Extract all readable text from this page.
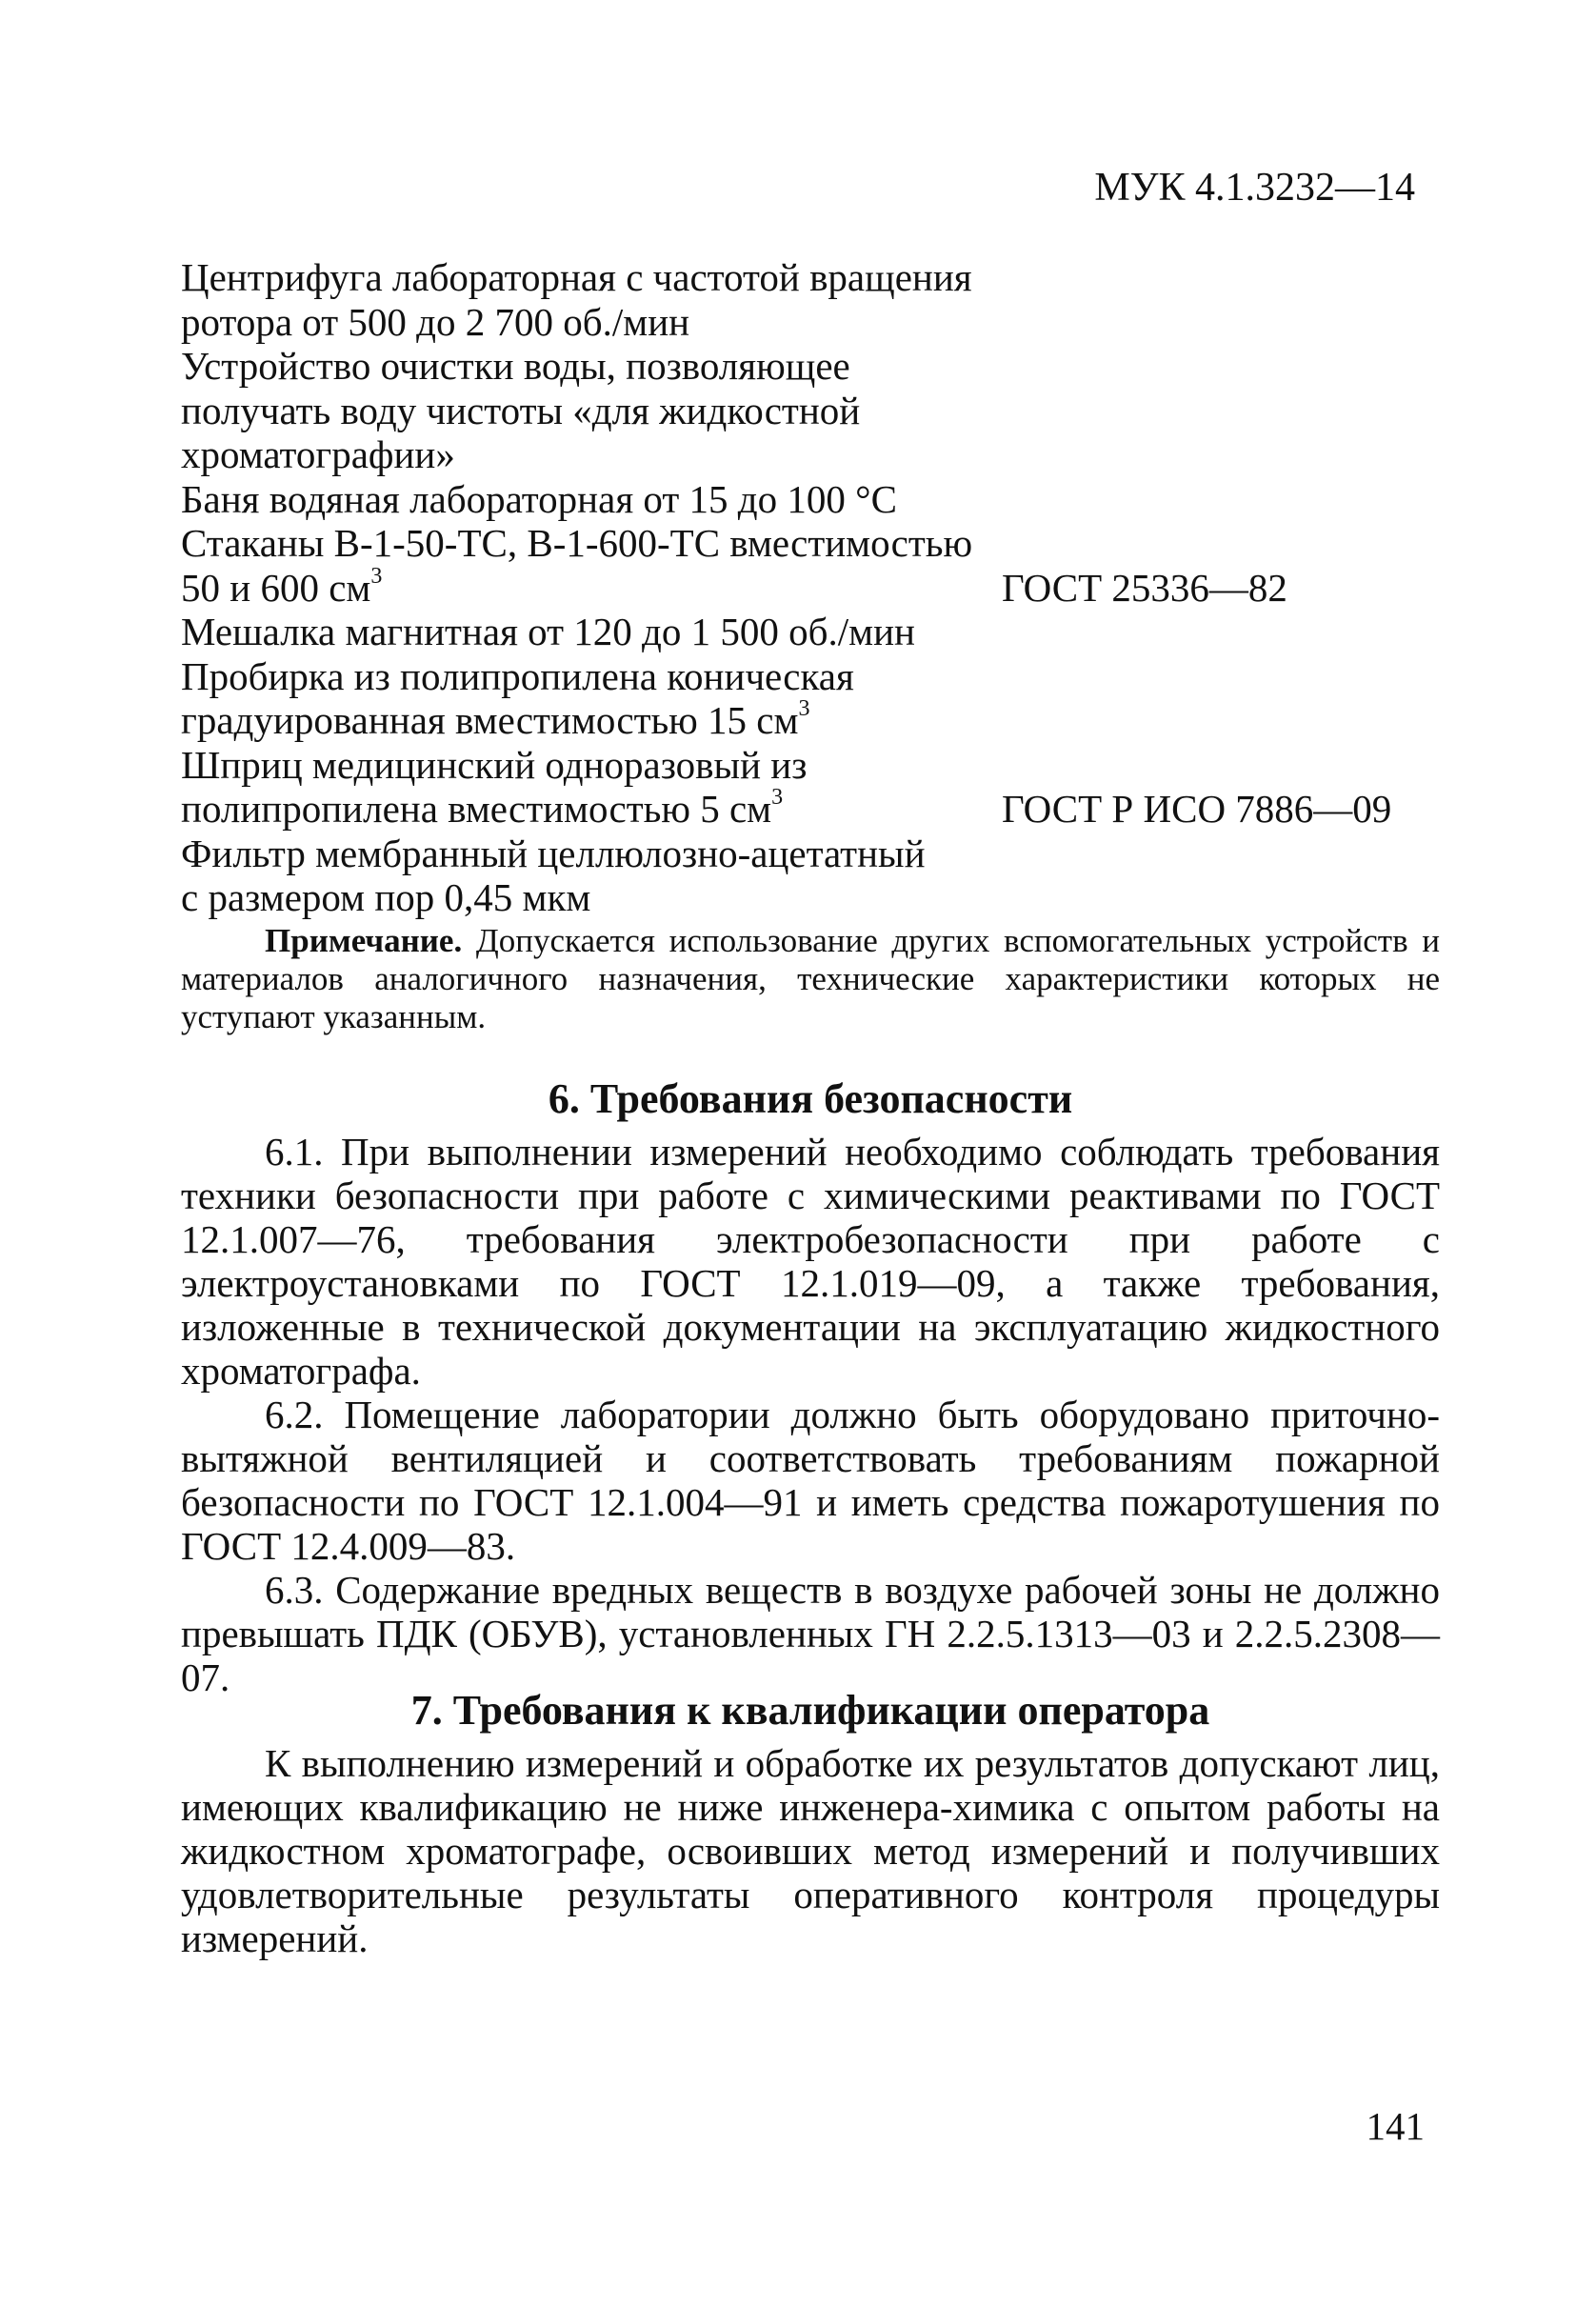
МУК 4.1.3232—14
Центрифуга лабораторная с частотой вращения
ротора от 500 до 2 700 об./мин
Устройство очистки воды, позволяющее
получать воду чистоты «для жидкостной
хроматографии»
Баня водяная лабораторная от 15 до 100 °С
Стаканы В-1-50-ТС, В-1-600-ТС вместимостью
50 и 600 $см^3$	ГОСТ 25336—82
Мешалка магнитная от 120 до 1 500 об./мин
Пробирка из полипропилена коническая
градуированная вместимостью 15 $см^3$
Шприц медицинский одноразовый из
полипропилена вместимостью 5 $см^3$	ГОСТ Р ИСО 7886—09
Фильтр мембранный целлюлозно-ацетатный
с размером пор 0,45 мкм

Примечание. Допускается использование других вспомогательных устройств и материалов аналогичного назначения, технические характеристики которых не уступают указанным.

6. Требования безопасности

6.1. При выполнении измерений необходимо соблюдать требования техники безопасности при работе с химическими реактивами по ГОСТ 12.1.007—76, требования электробезопасности при работе с электроустановками по ГОСТ 12.1.019—09, а также требования, изложенные в технической документации на эксплуатацию жидкостного хроматографа.

6.2. Помещение лаборатории должно быть оборудовано приточно-вытяжной вентиляцией и соответствовать требованиям пожарной безопасности по ГОСТ 12.1.004—91 и иметь средства пожаротушения по ГОСТ 12.4.009—83.

6.3. Содержание вредных веществ в воздухе рабочей зоны не должно превышать ПДК (ОБУВ), установленных ГН 2.2.5.1313—03 и 2.2.5.2308—07.

7. Требования к квалификации оператора

К выполнению измерений и обработке их результатов допускают лиц, имеющих квалификацию не ниже инженера-химика с опытом работы на жидкостном хроматографе, освоивших метод измерений и получивших удовлетворительные результаты оперативного контроля процедуры измерений.

141
